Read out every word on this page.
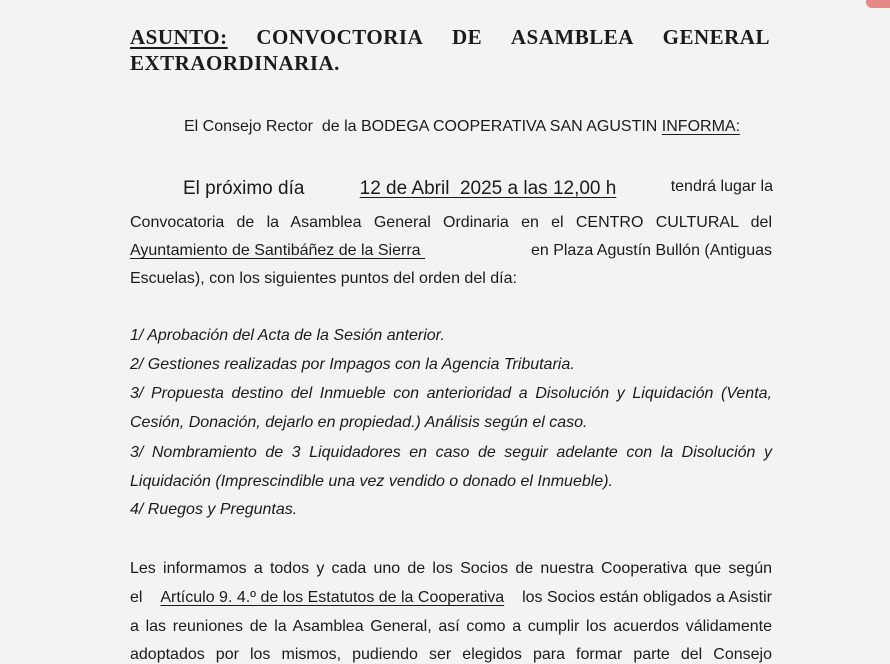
ASUNTO: CONVOCTORIA DE ASAMBLEA GENERAL
EXTRAORDINARIA.
El Consejo Rector  de la BODEGA COOPERATIVA SAN AGUSTIN INFORMA:
El próximo día	12 de Abril  2025 a las 12,00 h	tendrá lugar la
Convocatoria de la Asamblea General Ordinaria en el CENTRO CULTURAL del
Ayuntamiento de Santibáñez de la Sierra	en Plaza Agustín Bullón (Antiguas
Escuelas), con los siguientes puntos del orden del día:
1/ Aprobación del Acta de la Sesión anterior.
2/ Gestiones realizadas por Impagos con la Agencia Tributaria.
3/ Propuesta destino del Inmueble con anterioridad a Disolución y Liquidación (Venta,
Cesión, Donación, dejarlo en propiedad.) Análisis según el caso.
3/ Nombramiento de 3 Liquidadores en caso de seguir adelante con la Disolución y
Liquidación (Imprescindible una vez vendido o donado el Inmueble).
4/ Ruegos y Preguntas.
Les informamos a todos y cada uno de los Socios de nuestra Cooperativa que según
el Artículo 9. 4.º de los Estatutos de la Cooperativa los Socios están obligados a Asistir
a las reuniones de la Asamblea General, así como a cumplir los acuerdos válidamente
adoptados por los mismos, pudiendo ser elegidos para formar parte del Consejo
